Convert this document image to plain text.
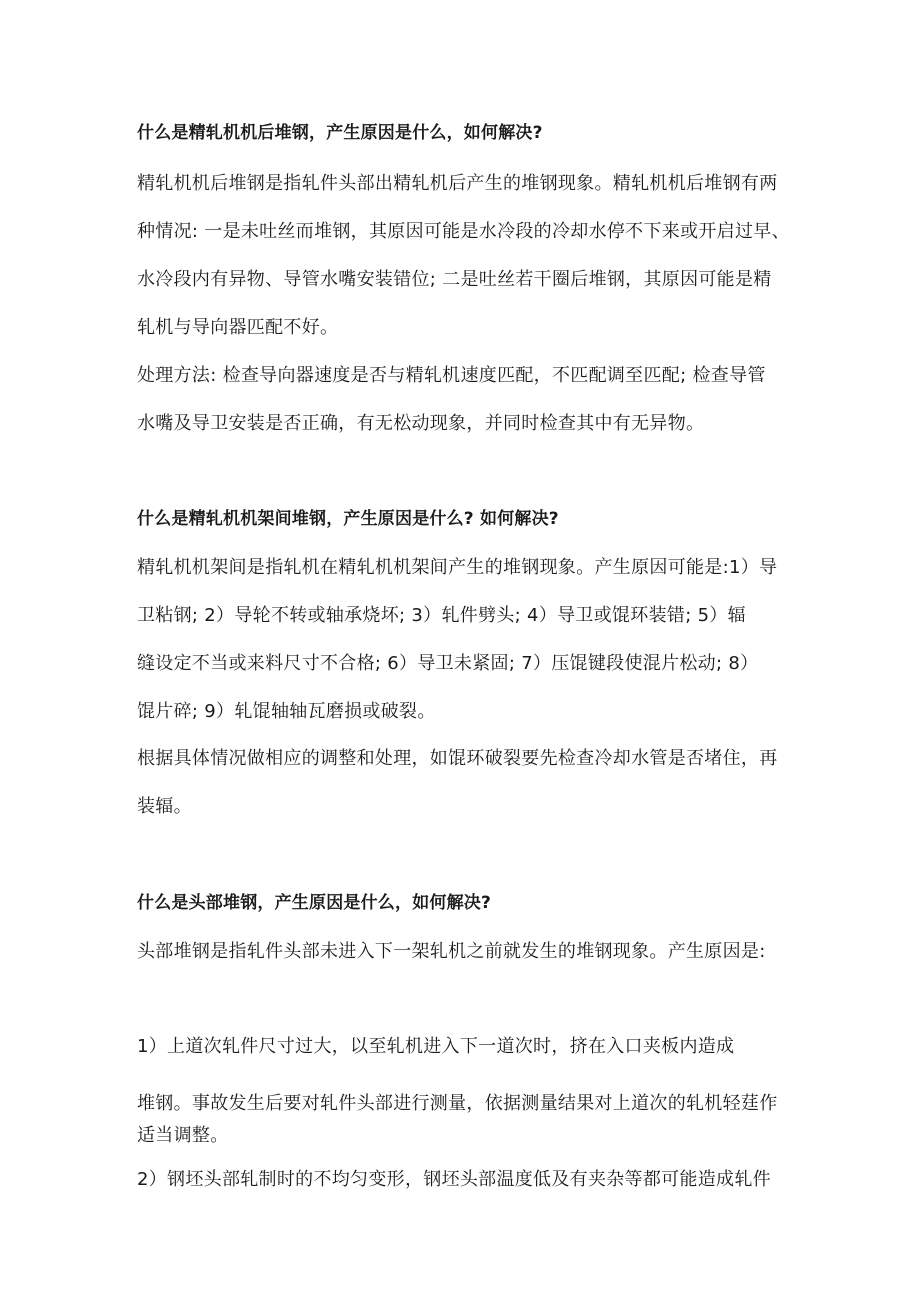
什么是精轧机机后堆钢，产生原因是什么，如何解决?

精轧机机后堆钢是指轧件头部出精轧机后产生的堆钢现象。精轧机机后堆钢有两

种情况: 一是未吐丝而堆钢，其原因可能是水冷段的冷却水停不下来或开启过早、

水冷段内有异物、导管水嘴安装错位; 二是吐丝若干圈后堆钢，其原因可能是精

轧机与导向器匹配不好。

处理方法: 检查导向器速度是否与精轧机速度匹配，不匹配调至匹配; 检查导管

水嘴及导卫安装是否正确，有无松动现象，并同时检查其中有无异物。

什么是精轧机机架间堆钢，产生原因是什么? 如何解决?

精轧机机架间是指轧机在精轧机机架间产生的堆钢现象。产生原因可能是:1）导

卫粘钢; 2）导轮不转或轴承烧坏; 3）轧件劈头; 4）导卫或馄环装错; 5）辐

缝设定不当或来料尺寸不合格; 6）导卫未紧固; 7）压馄键段使混片松动; 8）

馄片碎; 9）轧馄轴轴瓦磨损或破裂。

根据具体情况做相应的调整和处理，如馄环破裂要先检查冷却水管是否堵住，再

装辐。

什么是头部堆钢，产生原因是什么，如何解决?

头部堆钢是指轧件头部未进入下一架轧机之前就发生的堆钢现象。产生原因是:

1）上道次轧件尺寸过大，以至轧机进入下一道次时，挤在入口夹板内造成

堆钢。事故发生后要对轧件头部进行测量，依据测量结果对上道次的轧机轻莛作

适当调整。

2）钢坯头部轧制时的不均匀变形，钢坯头部温度低及有夹杂等都可能造成轧件
